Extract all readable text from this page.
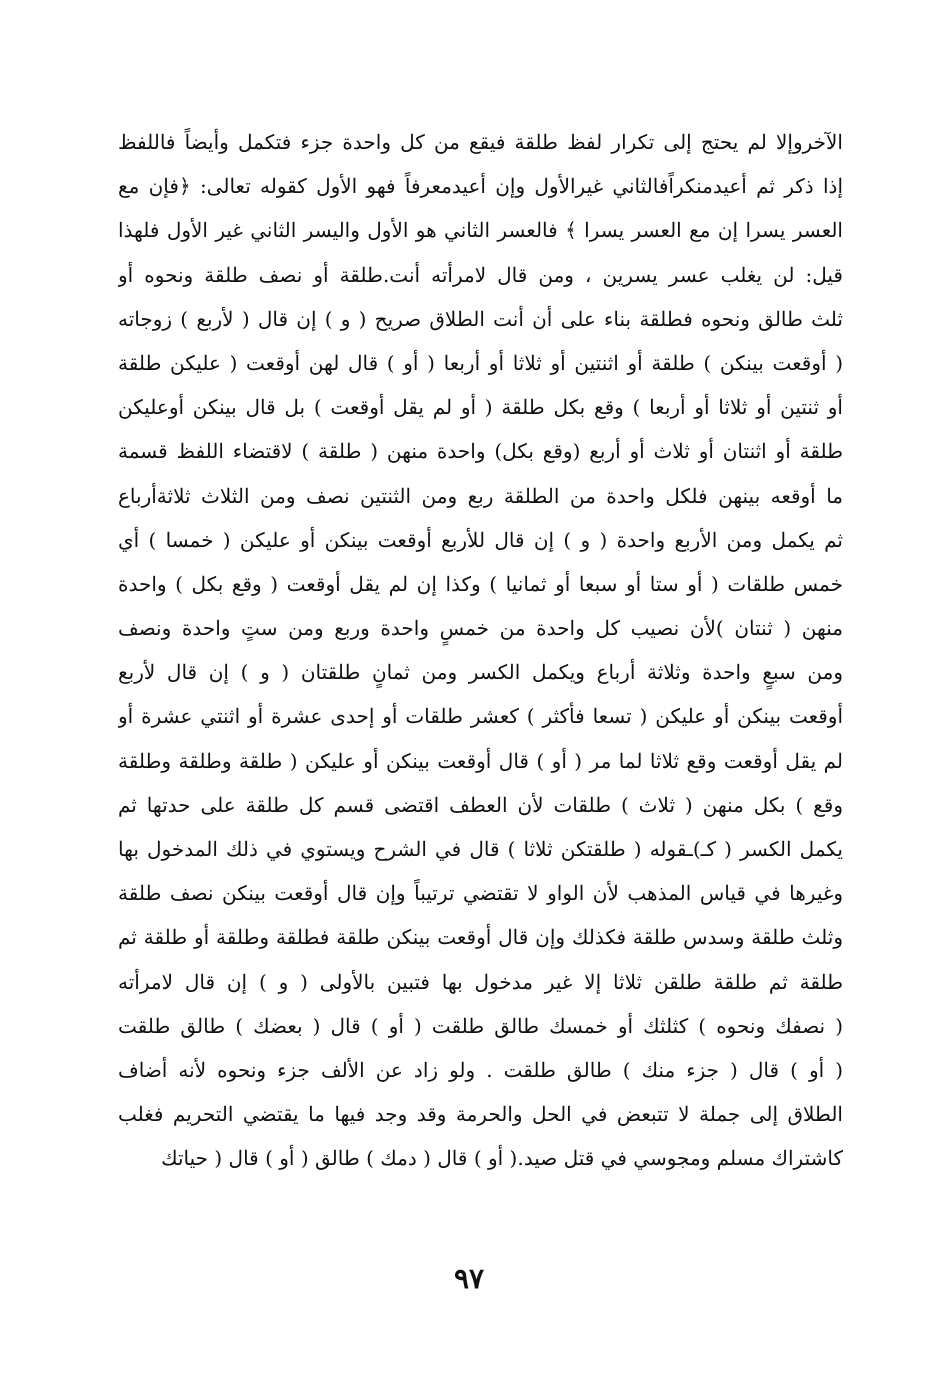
الآخروإلا لم يحتج إلى تكرار لفظ طلقة فيقع من كل واحدة جزء فتكمل وأيضاً فاللفظ
إذا ذكر ثم أعيدمنكراًفالثاني غيرالأول وإن أعيدمعرفاً فهو الأول كقوله تعالى: ﴿فإن مع
العسر يسرا إن مع العسر يسرا ﴾ فالعسر الثاني هو الأول واليسر الثاني غير الأول فلهذا
قيل: لن يغلب عسر يسرين ، ومن قال لامرأته أنت.طلقة أو نصف طلقة ونحوه أو
ثلث طالق ونحوه فطلقة بناء على أن أنت الطلاق صريح ( و ) إن قال ( لأربع ) زوجاته
( أوقعت بينكن ) طلقة أو اثنتين أو ثلاثا أو أربعا ( أو ) قال لهن أوقعت ( عليكن طلقة
أو ثنتين أو ثلاثا أو أربعا ) وقع بكل طلقة ( أو لم يقل أوقعت ) بل قال بينكن أوعليكن
طلقة أو اثنتان أو ثلاث أو أربع (وقع بكل) واحدة منهن ( طلقة ) لاقتضاء اللفظ قسمة
ما أوقعه بينهن فلكل واحدة من الطلقة ربع ومن الثنتين نصف ومن الثلاث ثلاثةأرباع
ثم يكمل ومن الأربع واحدة ( و ) إن قال للأربع أوقعت بينكن أو عليكن ( خمسا ) أي
خمس طلقات ( أو ستا أو سبعا أو ثمانيا ) وكذا إن لم يقل أوقعت ( وقع بكل ) واحدة
منهن ( ثنتان )لأن نصيب كل واحدة من خمسٍ واحدة وربع ومن ستٍ واحدة ونصف
ومن سبعٍ واحدة وثلاثة أرباع ويكمل الكسر ومن ثمانٍ طلقتان ( و ) إن قال لأربع
أوقعت بينكن أو عليكن ( تسعا فأكثر ) كعشر طلقات أو إحدى عشرة أو اثنتي عشرة أو
لم يقل أوقعت وقع ثلاثا لما مر ( أو ) قال أوقعت بينكن أو عليكن ( طلقة وطلقة وطلقة
وقع ) بكل منهن ( ثلاث ) طلقات لأن العطف اقتضى قسم كل طلقة على حدتها ثم
يكمل الكسر ( كـ)ـقوله ( طلقتكن ثلاثا ) قال في الشرح ويستوي في ذلك المدخول بها
وغيرها في قياس المذهب لأن الواو لا تقتضي ترتيباً وإن قال أوقعت بينكن نصف طلقة
وثلث طلقة وسدس طلقة فكذلك وإن قال أوقعت بينكن طلقة فطلقة وطلقة أو طلقة ثم
طلقة ثم طلقة طلقن ثلاثا إلا غير مدخول بها فتبين بالأولى ( و ) إن قال لامرأته
( نصفك ونحوه ) كثلثك أو خمسك طالق طلقت ( أو ) قال ( بعضك ) طالق طلقت
( أو ) قال ( جزء منك ) طالق طلقت . ولو زاد عن الألف جزء ونحوه لأنه أضاف
الطلاق إلى جملة لا تتبعض في الحل والحرمة وقد وجد فيها ما يقتضي التحريم فغلب
كاشتراك مسلم ومجوسي في قتل صيد.( أو ) قال ( دمك ) طالق ( أو ) قال ( حياتك
٩٧
